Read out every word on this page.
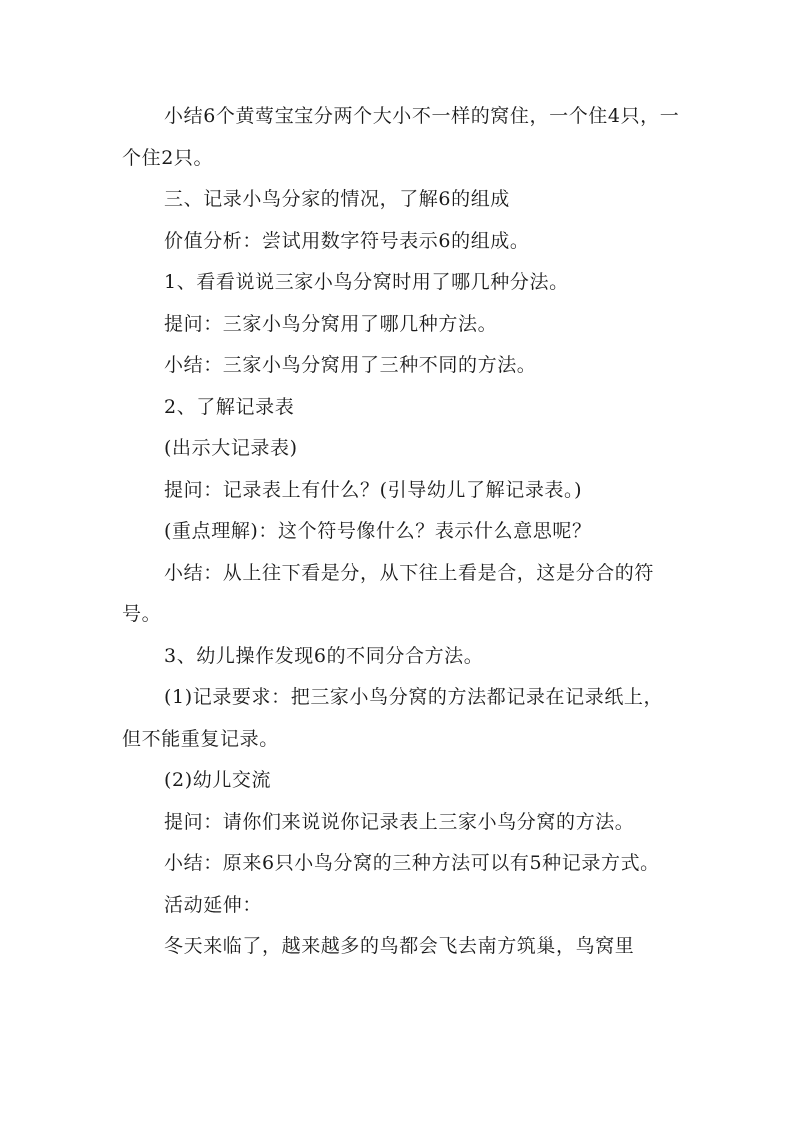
小结6个黄莺宝宝分两个大小不一样的窝住，一个住4只，一个住2只。

三、记录小鸟分家的情况，了解6的组成

价值分析：尝试用数字符号表示6的组成。

1、看看说说三家小鸟分窝时用了哪几种分法。

提问：三家小鸟分窝用了哪几种方法。

小结：三家小鸟分窝用了三种不同的方法。

2、了解记录表

(出示大记录表)

提问：记录表上有什么？(引导幼儿了解记录表。)

(重点理解)：这个符号像什么？表示什么意思呢？

小结：从上往下看是分，从下往上看是合，这是分合的符号。

3、幼儿操作发现6的不同分合方法。

(1)记录要求：把三家小鸟分窝的方法都记录在记录纸上，但不能重复记录。

(2)幼儿交流

提问：请你们来说说你记录表上三家小鸟分窝的方法。

小结：原来6只小鸟分窝的三种方法可以有5种记录方式。

活动延伸：

冬天来临了，越来越多的鸟都会飞去南方筑巢，鸟窝里
